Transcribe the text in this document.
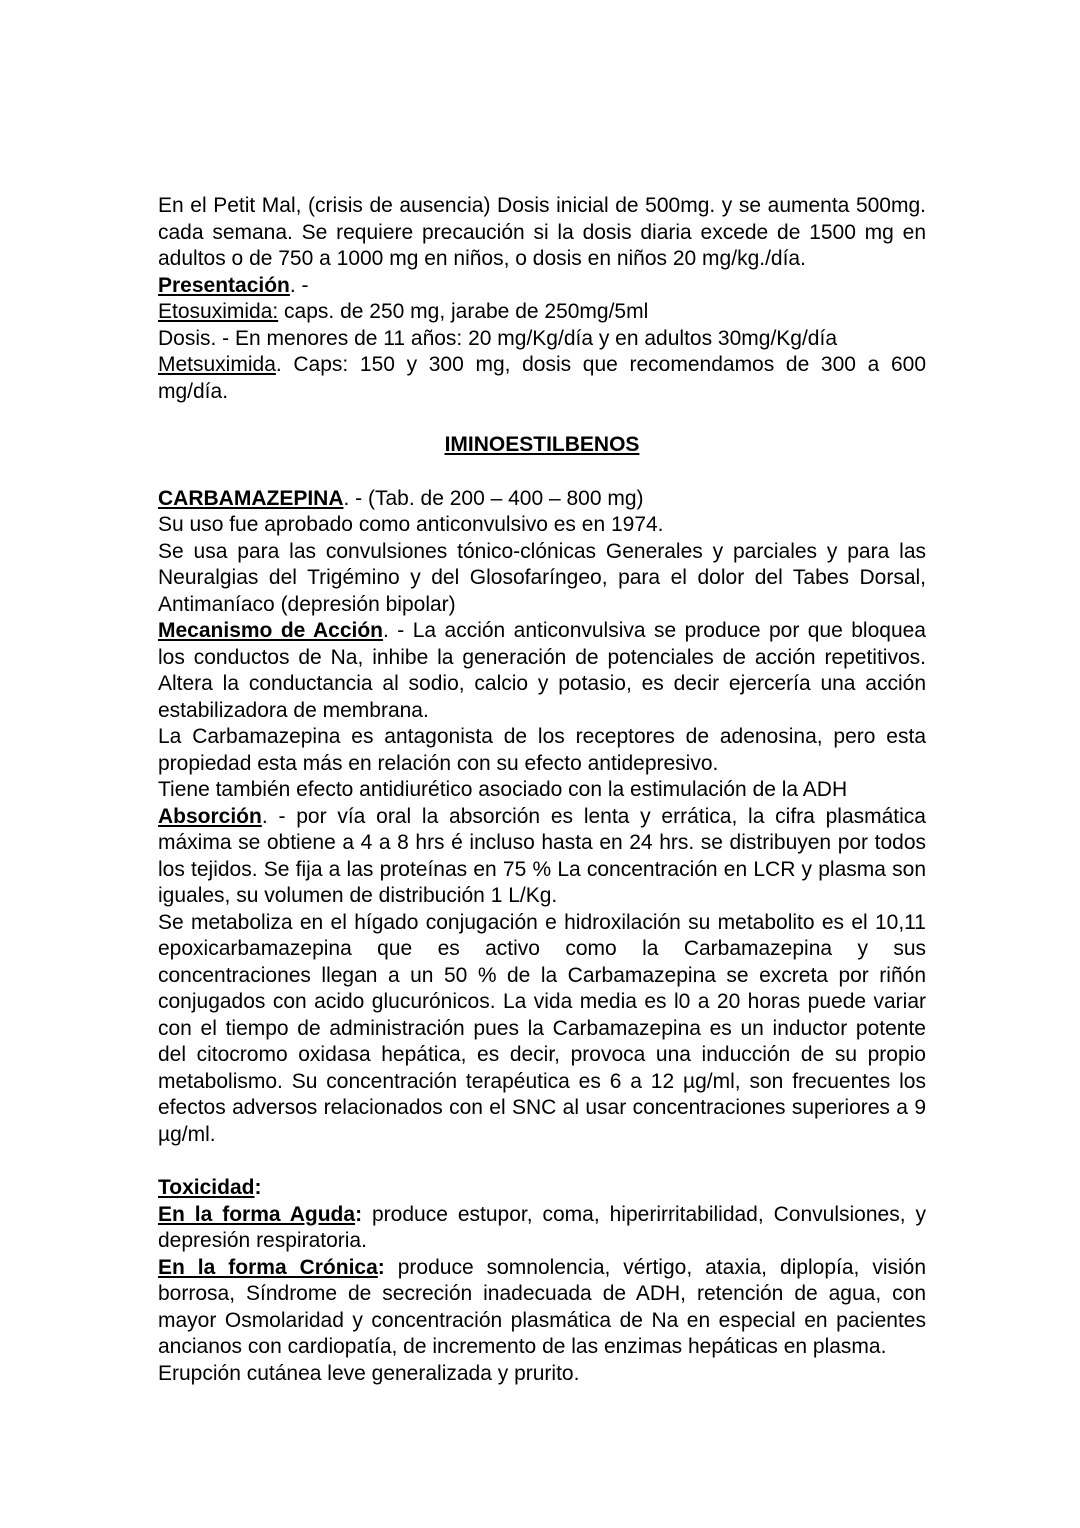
En el Petit Mal, (crisis de ausencia) Dosis inicial de 500mg. y se aumenta 500mg. cada semana. Se requiere precaución si la dosis diaria excede de 1500 mg en adultos o de 750 a 1000 mg en niños, o dosis en niños 20 mg/kg./día.

Presentación. -

Etosuximida: caps. de 250 mg, jarabe de 250mg/5ml

Dosis. - En menores de 11 años: 20 mg/Kg/día y en adultos 30mg/Kg/día

Metsuximida. Caps: 150 y 300 mg, dosis que recomendamos de 300 a 600 mg/día.

IMINOESTILBENOS

CARBAMAZEPINA. - (Tab. de 200 – 400 – 800 mg)

Su uso fue aprobado como anticonvulsivo es en 1974.

Se usa para las convulsiones tónico-clónicas Generales y parciales y para las Neuralgias del Trigémino y del Glosofaríngeo, para el dolor del Tabes Dorsal, Antimaníaco (depresión bipolar)

Mecanismo de Acción. - La acción anticonvulsiva se produce por que bloquea los conductos de Na, inhibe la generación de potenciales de acción repetitivos. Altera la conductancia al sodio, calcio y potasio, es decir ejercería una acción estabilizadora de membrana.

La Carbamazepina es antagonista de los receptores de adenosina, pero esta propiedad esta más en relación con su efecto antidepresivo.

Tiene también efecto antidiurético asociado con la estimulación de la ADH

Absorción. - por vía oral la absorción es lenta y errática, la cifra plasmática máxima se obtiene a 4 a 8 hrs é incluso hasta en 24 hrs. se distribuyen por todos los tejidos. Se fija a las proteínas en 75 % La concentración en LCR y plasma son iguales, su volumen de distribución 1 L/Kg.

Se metaboliza en el hígado conjugación e hidroxilación su metabolito es el 10,11 epoxicarbamazepina que es activo como la Carbamazepina y sus concentraciones llegan a un 50 % de la Carbamazepina se excreta por riñón conjugados con acido glucurónicos. La vida media es l0 a 20 horas puede variar con el tiempo de administración pues la Carbamazepina es un inductor potente del citocromo oxidasa hepática, es decir, provoca una inducción de su propio metabolismo. Su concentración terapéutica es 6 a 12 µg/ml, son frecuentes los efectos adversos relacionados con el SNC al usar concentraciones superiores a 9 µg/ml.

Toxicidad:

En la forma Aguda: produce estupor, coma, hiperirritabilidad, Convulsiones, y depresión respiratoria.

En la forma Crónica: produce somnolencia, vértigo, ataxia, diplopía, visión borrosa, Síndrome de secreción inadecuada de ADH, retención de agua, con mayor Osmolaridad y concentración plasmática de Na en especial en pacientes ancianos con cardiopatía, de incremento de las enzimas hepáticas en plasma.

Erupción cutánea leve generalizada y prurito.
